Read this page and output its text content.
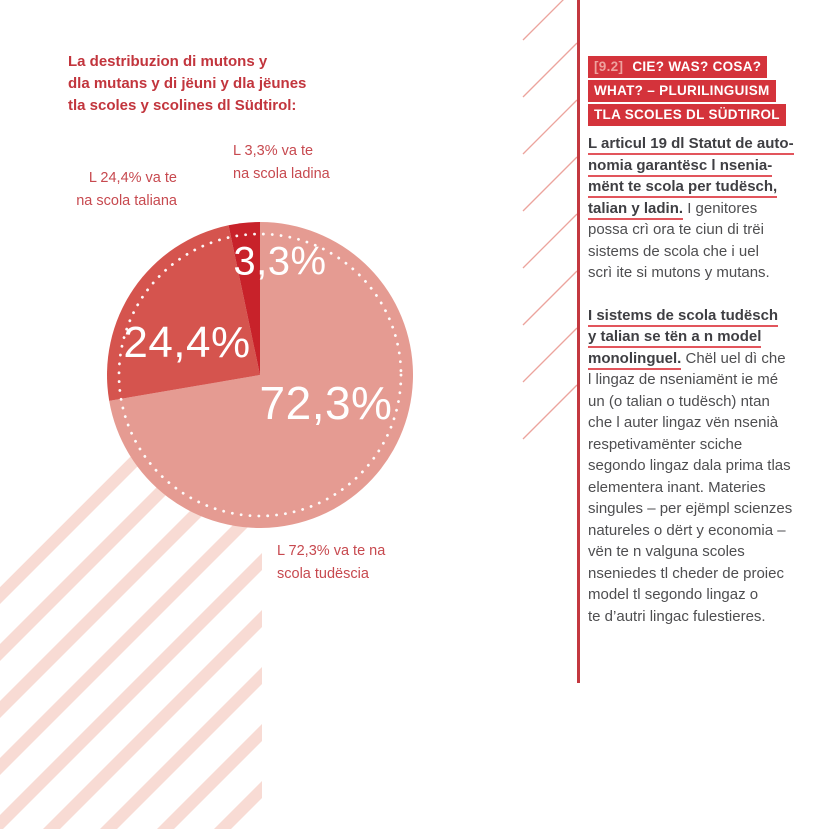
La destribuzion di mutons y
dla mutans y di jëuni y dla jëunes
tla scoles y scolines dl Südtirol:
L 3,3% va te
na scola ladina
L 24,4% va te
na scola taliana
L 72,3% va te na
scola tudëscia
72,3%
24,4%
3,3%
[9.2] CIE? WAS? COSA?
WHAT? – PLURILINGUISM
TLA SCOLES DL SÜDTIROL
L articul 19 dl Statut de auto-
nomia garantësc l nsenia-
mënt te scola per tudësch,
talian y ladin. I genitores
possa crì ora te ciun di trëi
sistems de scola che i uel
scrì ite si mutons y mutans.
I sistems de scola tudësch
y talian se tën a n model
monolinguel. Chël uel dì che
l lingaz de nseniamënt ie mé
un (o talian o tudësch) ntan
che l auter lingaz vën nsenià
respetivamënter sciche
segondo lingaz dala prima tlas
elementera inant. Materies
singules – per ejëmpl scienzes
natureles o dërt y economia –
vën te n valguna scoles
nseniedes tl cheder de proiec
model tl segondo lingaz o
te d’autri lingac fulestieres.
